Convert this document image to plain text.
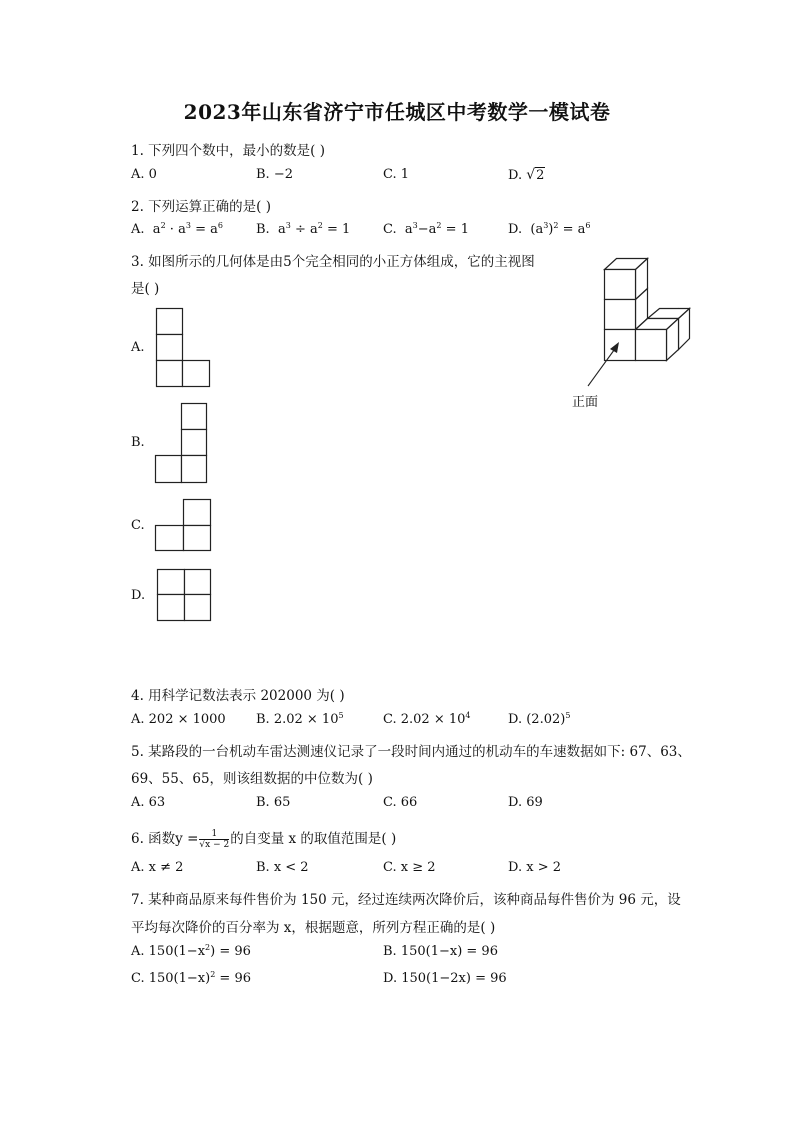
2023年山东省济宁市任城区中考数学一模试卷
1. 下列四个数中，最小的数是( )
A. 0	B. −2	C. 1	D. √2
2. 下列运算正确的是( )
A. $a^2 \cdot a^3 = a^6$	B. $a^3 \div a^2 = 1$	C. $a^3-a^2 = 1$	D. $(a^3)^2 = a^6$
3. 如图所示的几何体是由5个完全相同的小正方体组成，它的主视图
是( )
A.
B.
C.
D.
正面
4. 用科学记数法表示 202000 为( )
A. 202 × 1000 B. $2.02 \times 10^5$	C. $2.02 \times 10^4$	D. $(2.02)^5$
5. 某路段的一台机动车雷达测速仪记录了一段时间内通过的机动车的车速数据如下: 67、63、
69、55、65，则该组数据的中位数为( )
A. 63	B. 65	C. 66	D. 69
6. 函数$y = \frac{1}{√x - 2}$ 的自变量 x 的取值范围是( )
A. x ≠ 2	B. x < 2	C. x ≥ 2	D. x > 2
7. 某种商品原来每件售价为 150 元，经过连续两次降价后，该种商品每件售价为 96 元，设
平均每次降价的百分率为 x，根据题意，所列方程正确的是( )
A. $150(1-x^2) = 96$	B. 150(1−x) = 96
C. $150(1-x)^2 = 96$	D. 150(1−2x) = 96
